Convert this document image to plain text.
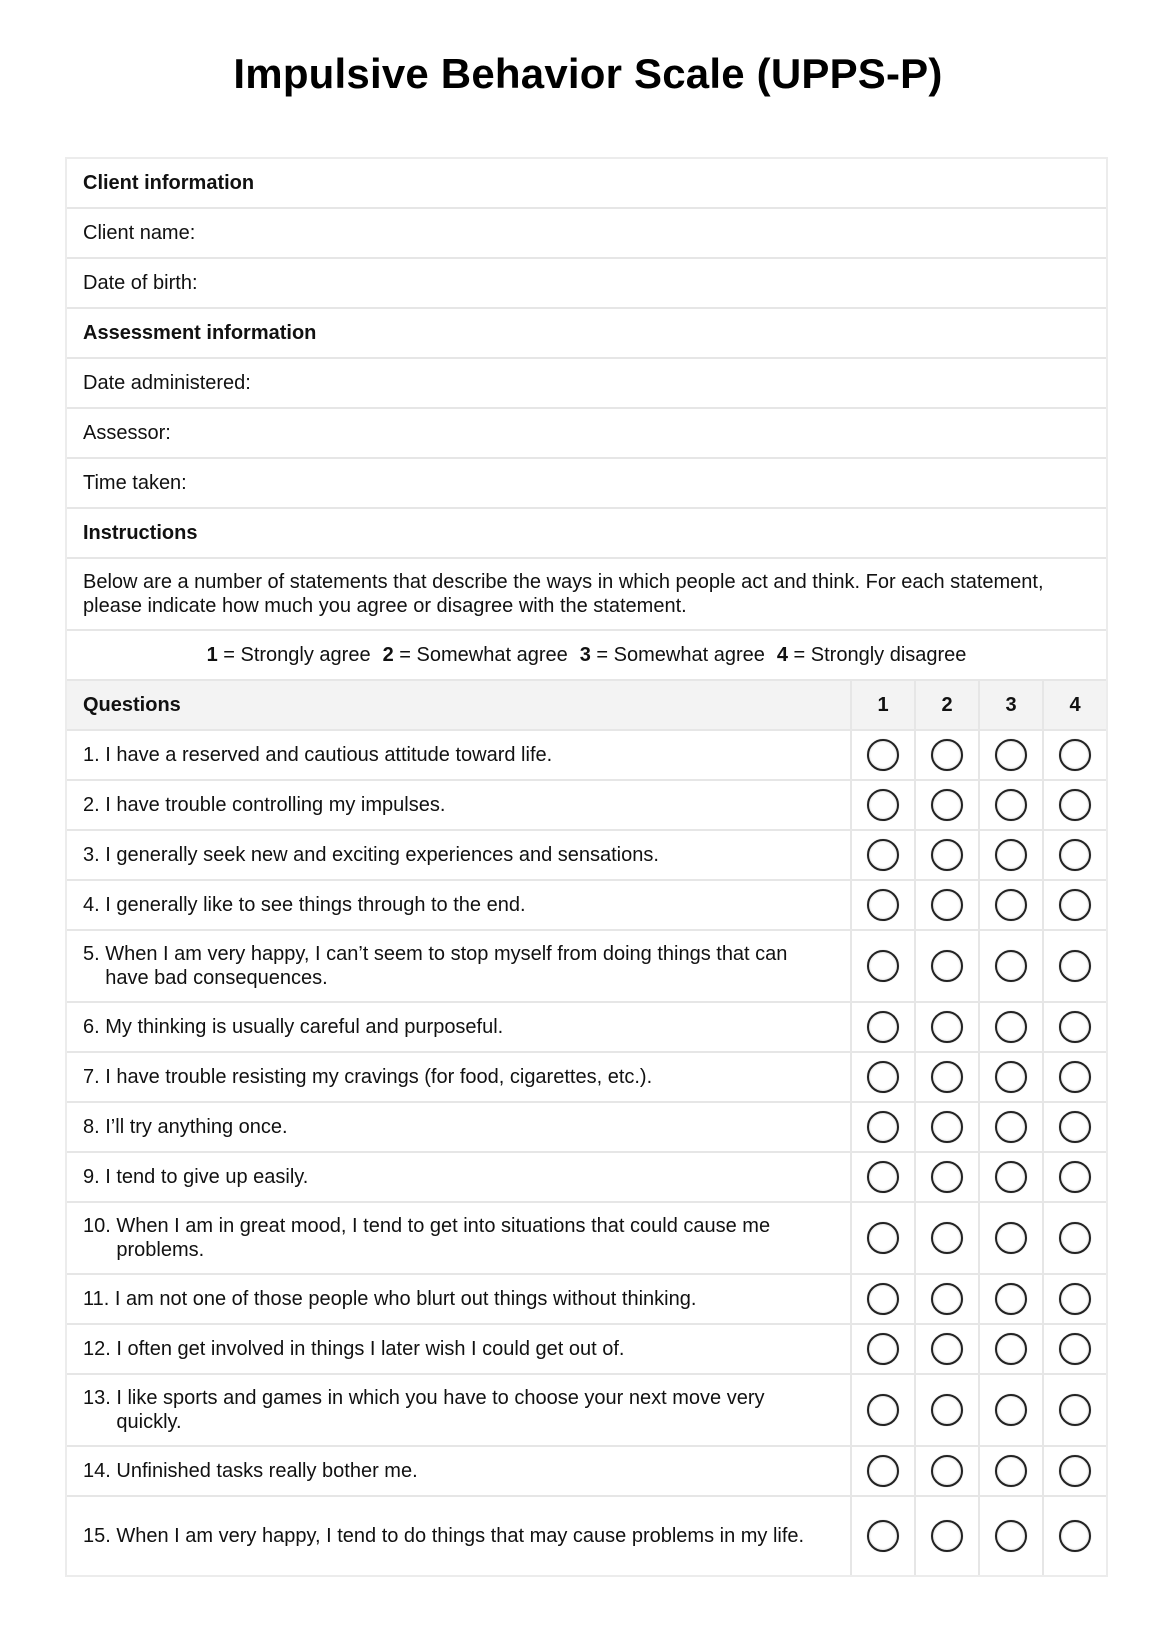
Impulsive Behavior Scale (UPPS-P)
Client information
Client name:
Date of birth:
Assessment information
Date administered:
Assessor:
Time taken:
Instructions
Below are a number of statements that describe the ways in which people act and think. For each statement, please indicate how much you agree or disagree with the statement.
1
= Strongly agree 2
= Somewhat agree 3
= Somewhat agree 4
= Strongly disagree
Questions	1	2	3	4
1.
I have a reserved and cautious attitude toward life.
2.
I have trouble controlling my impulses.
3.
I generally seek new and exciting experiences and sensations.
4.
I generally like to see things through to the end.
5.
When I am very happy, I can’t seem to stop myself from doing things that can have bad consequences.
6.
My thinking is usually careful and purposeful.
7.
I have trouble resisting my cravings (for food, cigarettes, etc.).
8.
I’ll try anything once.
9.
I tend to give up easily.
10.
When I am in great mood, I tend to get into situations that could cause me problems.
11.
I am not one of those people who blurt out things without thinking.
12.
I often get involved in things I later wish I could get out of.
13.
I like sports and games in which you have to choose your next move very quickly.
14.
Unfinished tasks really bother me.
15.
When I am very happy, I tend to do things that may cause problems in my life.
